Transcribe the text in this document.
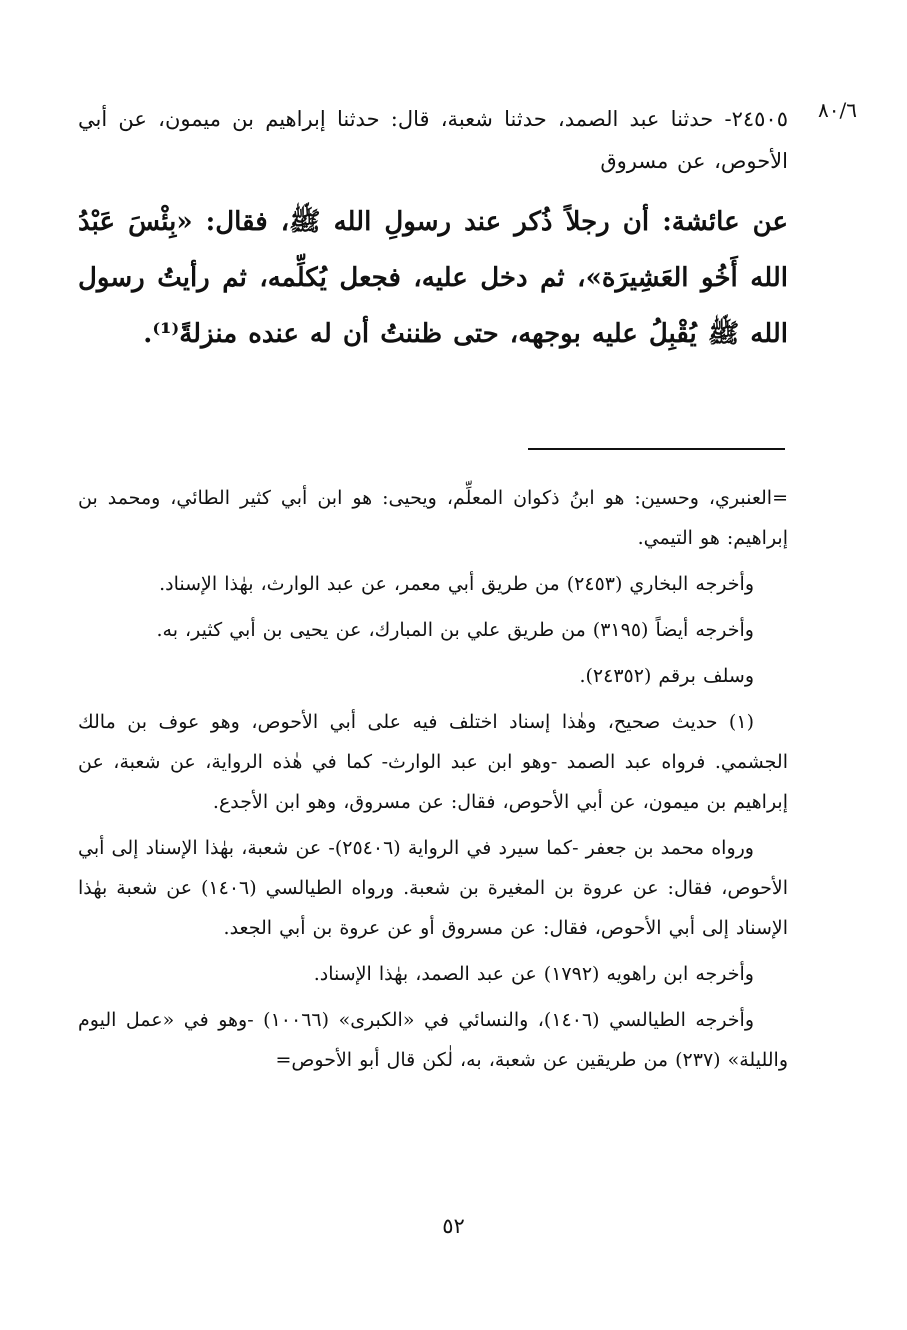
٨٠/٦

٢٤٥٠٥- حدثنا عبد الصمد، حدثنا شعبة، قال: حدثنا إبراهيم بن ميمون، عن أبي الأحوص، عن مسروق

عن عائشة: أن رجلاً ذُكر عند رسولِ الله ﷺ، فقال: «بِئْسَ عَبْدُ الله أَخُو العَشِيرَة»، ثم دخل عليه، فجعل يُكلِّمه، ثم رأيتُ رسول الله ﷺ يُقْبِلُ عليه بوجهه، حتى ظننتُ أن له عنده منزلةً⁽¹⁾.

=العنبري، وحسين: هو ابنُ ذكوان المعلِّم، ويحيى: هو ابن أبي كثير الطائي، ومحمد بن إبراهيم: هو التيمي.

وأخرجه البخاري (٢٤٥٣) من طريق أبي معمر، عن عبد الوارث، بهٰذا الإسناد.

وأخرجه أيضاً (٣١٩٥) من طريق علي بن المبارك، عن يحيى بن أبي كثير، به.

وسلف برقم (٢٤٣٥٢).

(١) حديث صحيح، وهٰذا إسناد اختلف فيه على أبي الأحوص، وهو عوف بن مالك الجشمي. فرواه عبد الصمد -وهو ابن عبد الوارث- كما في هٰذه الرواية، عن شعبة، عن إبراهيم بن ميمون، عن أبي الأحوص، فقال: عن مسروق، وهو ابن الأجدع.

ورواه محمد بن جعفر -كما سيرد في الرواية (٢٥٤٠٦)- عن شعبة، بهٰذا الإسناد إلى أبي الأحوص، فقال: عن عروة بن المغيرة بن شعبة. ورواه الطيالسي (١٤٠٦) عن شعبة بهٰذا الإسناد إلى أبي الأحوص، فقال: عن مسروق أو عن عروة بن أبي الجعد.

وأخرجه ابن راهويه (١٧٩٢) عن عبد الصمد، بهٰذا الإسناد.

وأخرجه الطيالسي (١٤٠٦)، والنسائي في «الكبرى» (١٠٠٦٦) -وهو في «عمل اليوم والليلة» (٢٣٧) من طريقين عن شعبة، به، لٰكن قال أبو الأحوص=

٥٢
